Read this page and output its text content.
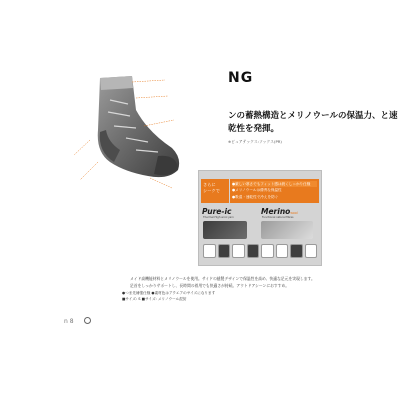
NG
ンの蓄熱構造とメリノウールの保温力、と速乾性を発揮。
※ピュアテックス:ソックス(PR)
さらに
シークで
●厳しい寒さでもフィット感は続くしっかり仕様
●メリノウールは優秀な保温性
●吸湿・速乾性で冷えを防ぐ
Pure-ic
Thermal High wool yarn
Merinowool
Functional natural fibres
メイド高機能材料とメリノウールを使用。サイドの縫製デザインで保温性を高め、快適な足元を実現します。
足首をしっかりサポートし、長時間の着用でも快適さが持続。アウトドアシーンにおすすめ。
●つま先補強仕様 ●素材色はアクエアのサイズになります
■サイズ: S ■サイズ: メリノウール混紡
n 8
